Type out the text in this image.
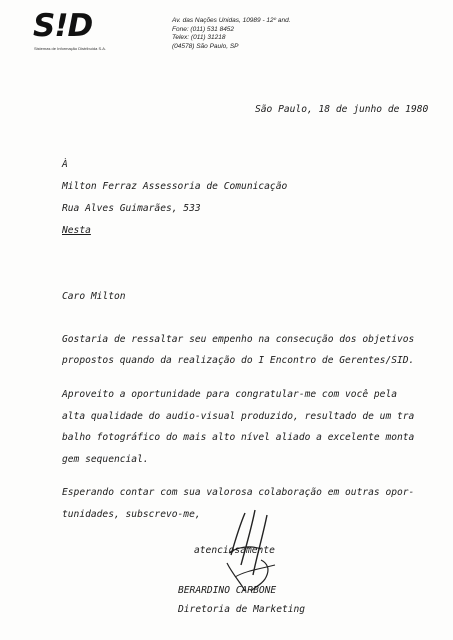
S!D
Sistemas de Informação Distribuída S.A.
Av. das Nações Unidas, 10989 - 12º and.
Fone: (011) 531 8452
Telex: (011) 31218
(04578) São Paulo, SP
São Paulo, 18 de junho de 1980
À
Milton Ferraz Assessoria de Comunicação
Rua Alves Guimarães, 533
Nesta
Caro Milton
Gostaria de ressaltar seu empenho na consecução dos objetivos
propostos quando da realização do I Encontro de Gerentes/SID.
Aproveito a oportunidade para congratular-me com você pela
alta qualidade do audio-visual produzido, resultado de um tra
balho fotográfico do mais alto nível aliado a excelente monta
gem sequencial.
Esperando contar com sua valorosa colaboração em outras opor-
tunidades, subscrevo-me,
atenciosamente
BERARDINO CARBONE
Diretoria de Marketing
